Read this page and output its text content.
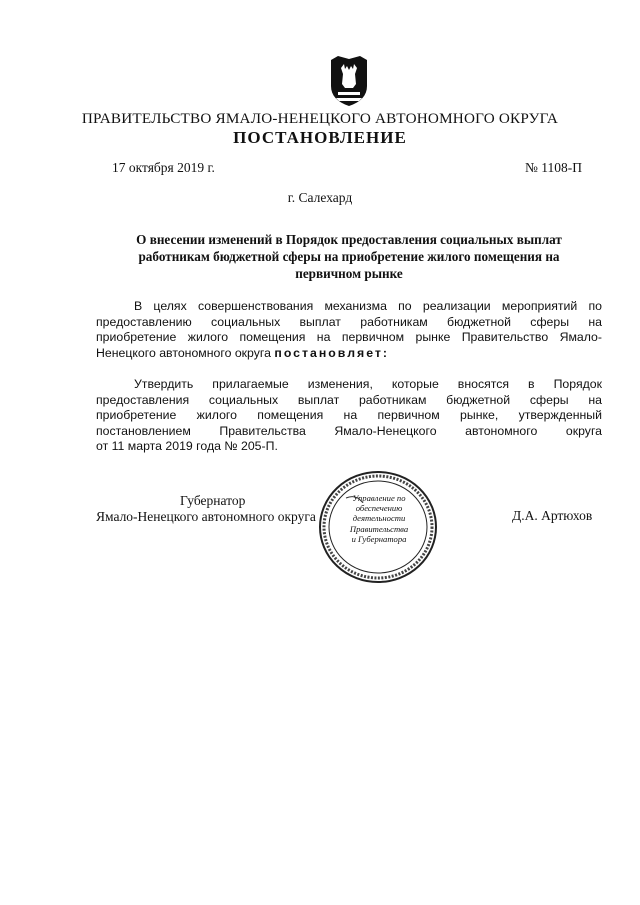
ПРАВИТЕЛЬСТВО ЯМАЛО-НЕНЕЦКОГО АВТОНОМНОГО ОКРУГА
ПОСТАНОВЛЕНИЕ
17 октября 2019 г.	№ 1108-П
г. Салехард
О внесении изменений в Порядок предоставления социальных выплат
работникам бюджетной сферы на приобретение жилого помещения на
первичном рынке
В целях совершенствования механизма по реализации мероприятий по
предоставлению социальных выплат работникам бюджетной сферы на
приобретение жилого помещения на первичном рынке Правительство Ямало-
Ненецкого автономного округа постановляет:
Утвердить прилагаемые изменения, которые вносятся в Порядок
предоставления социальных выплат работникам бюджетной сферы на
приобретение жилого помещения на первичном рынке, утвержденный
постановлением Правительства Ямало-Ненецкого автономного округа
от 11 марта 2019 года № 205-П.
Губернатор
Ямало-Ненецкого автономного округа	Д.А. Артюхов
Управление по
обеспечению
деятельности
Правительства
и Губернатора
